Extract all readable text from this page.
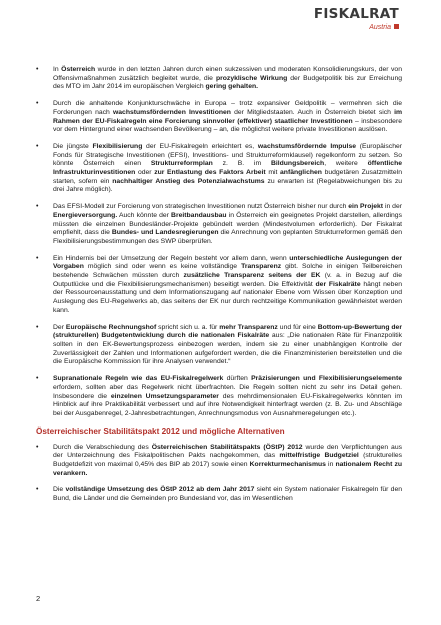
FISKALRAT
Austria
• In Österreich wurde in den letzten Jahren durch einen sukzessiven und moderaten Konsolidierungskurs, der von Offensivmaßnahmen zusätzlich begleitet wurde, die prozyklische Wirkung der Budgetpolitik bis zur Erreichung des MTO im Jahr 2014 im europäischen Vergleich gering gehalten.
• Durch die anhaltende Konjunkturschwäche in Europa – trotz expansiver Geldpolitik – vermehren sich die Forderungen nach wachstumsfördernden Investitionen der Mitgliedstaaten. Auch in Österreich bietet sich im Rahmen der EU-Fiskalregeln eine Forcierung sinnvoller (effektiver) staatlicher Investitionen – insbesondere vor dem Hintergrund einer wachsenden Bevölkerung – an, die möglichst weitere private Investitionen auslösen.
• Die jüngste Flexibilisierung der EU-Fiskalregeln erleichtert es, wachstumsfördernde Impulse (Europäischer Fonds für Strategische Investitionen (EFSI), Investitions- und Strukturreformklausel) regelkonform zu setzen. So könnte Österreich einen Strukturreformplan z. B. im Bildungsbereich, weitere öffentliche Infrastrukturinvestitionen oder zur Entlastung des Faktors Arbeit mit anfänglichen budgetären Zusatzmitteln starten, sofern ein nachhaltiger Anstieg des Potenzialwachstums zu erwarten ist (Regelabweichungen bis zu drei Jahre möglich).
• Das EFSI-Modell zur Forcierung von strategischen Investitionen nutzt Österreich bisher nur durch ein Projekt in der Energieversorgung. Auch könnte der Breitbandausbau in Österreich ein geeignetes Projekt darstellen, allerdings müssten die einzelnen Bundesländer-Projekte gebündelt werden (Mindestvolumen erforderlich). Der Fiskalrat empfiehlt, dass die Bundes- und Landesregierungen die Anrechnung von geplanten Strukturreformen gemäß den Flexibilisierungsbestimmungen des SWP überprüfen.
• Ein Hindernis bei der Umsetzung der Regeln besteht vor allem dann, wenn unterschiedliche Auslegungen der Vorgaben möglich sind oder wenn es keine vollständige Transparenz gibt. Solche in einigen Teilbereichen bestehende Schwächen müssten durch zusätzliche Transparenz seitens der EK (v. a. in Bezug auf die Outputlücke und die Flexibilisierungsmechanismen) beseitigt werden. Die Effektivität der Fiskalräte hängt neben der Ressourcenausstattung und dem Informationszugang auf nationaler Ebene vom Wissen über Konzeption und Auslegung des EU-Regelwerks ab, das seitens der EK nur durch rechtzeitige Kommunikation gewährleistet werden kann.
• Der Europäische Rechnungshof spricht sich u. a. für mehr Transparenz und für eine Bottom-up-Bewertung der (strukturellen) Budgetentwicklung durch die nationalen Fiskalräte aus: „Die nationalen Räte für Finanzpolitik sollten in den EK-Bewertungsprozess einbezogen werden, indem sie zu einer unabhängigen Kontrolle der Zuverlässigkeit der Zahlen und Informationen aufgefordert werden, die die Finanzministerien bereitstellen und die die Europäische Kommission für ihre Analysen verwendet.“
• Supranationale Regeln wie das EU-Fiskalregelwerk dürften Präzisierungen und Flexibilisierungselemente erfordern, sollten aber das Regelwerk nicht überfrachten. Die Regeln sollten nicht zu sehr ins Detail gehen. Insbesondere die einzelnen Umsetzungsparameter des mehrdimensionalen EU-Fiskalregelwerks könnten im Hinblick auf ihre Praktikabilität verbessert und auf ihre Notwendigkeit hinterfragt werden (z. B. Zu- und Abschläge bei der Ausgabenregel, 2-Jahresbetrachtungen, Anrechnungsmodus von Ausnahmeregelungen etc.).
Österreichischer Stabilitätspakt 2012 und mögliche Alternativen
• Durch die Verabschiedung des Österreichischen Stabilitätspakts (ÖStP) 2012 wurde den Verpflichtungen aus der Unterzeichnung des Fiskalpolitischen Pakts nachgekommen, das mittelfristige Budgetziel (strukturelles Budgetdefizit von maximal 0,45% des BIP ab 2017) sowie einen Korrekturmechanismus in nationalem Recht zu verankern.
• Die vollständige Umsetzung des ÖStP 2012 ab dem Jahr 2017 sieht ein System nationaler Fiskalregeln für den Bund, die Länder und die Gemeinden pro Bundesland vor, das im Wesentlichen
2
